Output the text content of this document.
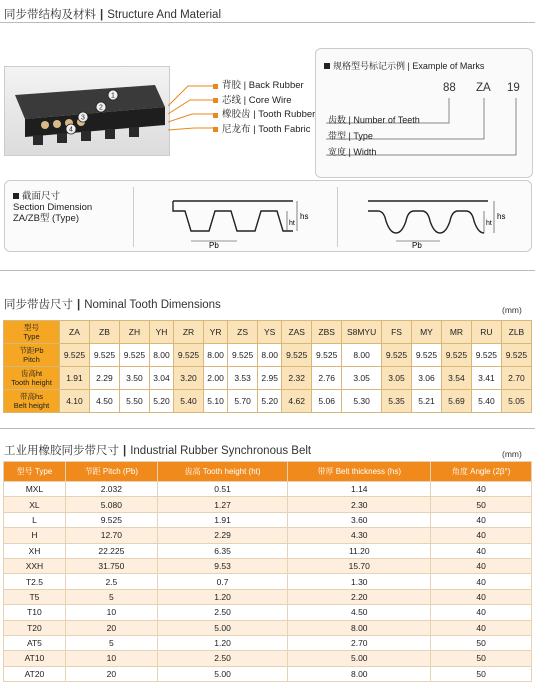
同步带结构及材料 | Structure And Material
1
2
3
4
背胶 | Back Rubber
芯线 | Core Wire
橡胶齿 | Tooth Rubber
尼龙布 | Tooth Fabric
规格型号标记示例 | Example of Marks
88 ZA 19
齿数 | Number of Teeth
带型 | Type
宽度 | Width
截面尺寸
Section Dimension
ZA/ZB型 (Type)
Pb
hs
ht
Pb
hs
ht
同步带齿尺寸 | Nominal Tooth Dimensions	(mm)
型号
Type	ZA	ZB	ZH	YH	ZR	YR	ZS	YS	ZAS	ZBS	S8MYU	FS	MY	MR	RU	ZLB
节距Pb
Pitch	9.525	9.525	9.525	8.00	9.525	8.00	9.525	8.00	9.525	9.525	8.00	9.525	9.525	9.525	9.525	9.525
齿高ht
Tooth height	1.91	2.29	3.50	3.04	3.20	2.00	3.53	2.95	2.32	2.76	3.05	3.05	3.06	3.54	3.41	2.70
带高hs
Belt height	4.10	4.50	5.50	5.20	5.40	5.10	5.70	5.20	4.62	5.06	5.30	5.35	5.21	5.69	5.40	5.05
工业用橡胶同步带尺寸 | Industrial Rubber Synchronous Belt	(mm)
型号 Type	节距 Pitch (Pb)	齿高 Tooth height (ht)	带厚 Belt thickness (hs)	角度 Angle (2β°)
MXL	2.032	0.51	1.14	40
XL	5.080	1.27	2.30	50
L	9.525	1.91	3.60	40
H	12.70	2.29	4.30	40
XH	22.225	6.35	11.20	40
XXH	31.750	9.53	15.70	40
T2.5	2.5	0.7	1.30	40
T5	5	1.20	2.20	40
T10	10	2.50	4.50	40
T20	20	5.00	8.00	40
AT5	5	1.20	2.70	50
AT10	10	2.50	5.00	50
AT20	20	5.00	8.00	50
